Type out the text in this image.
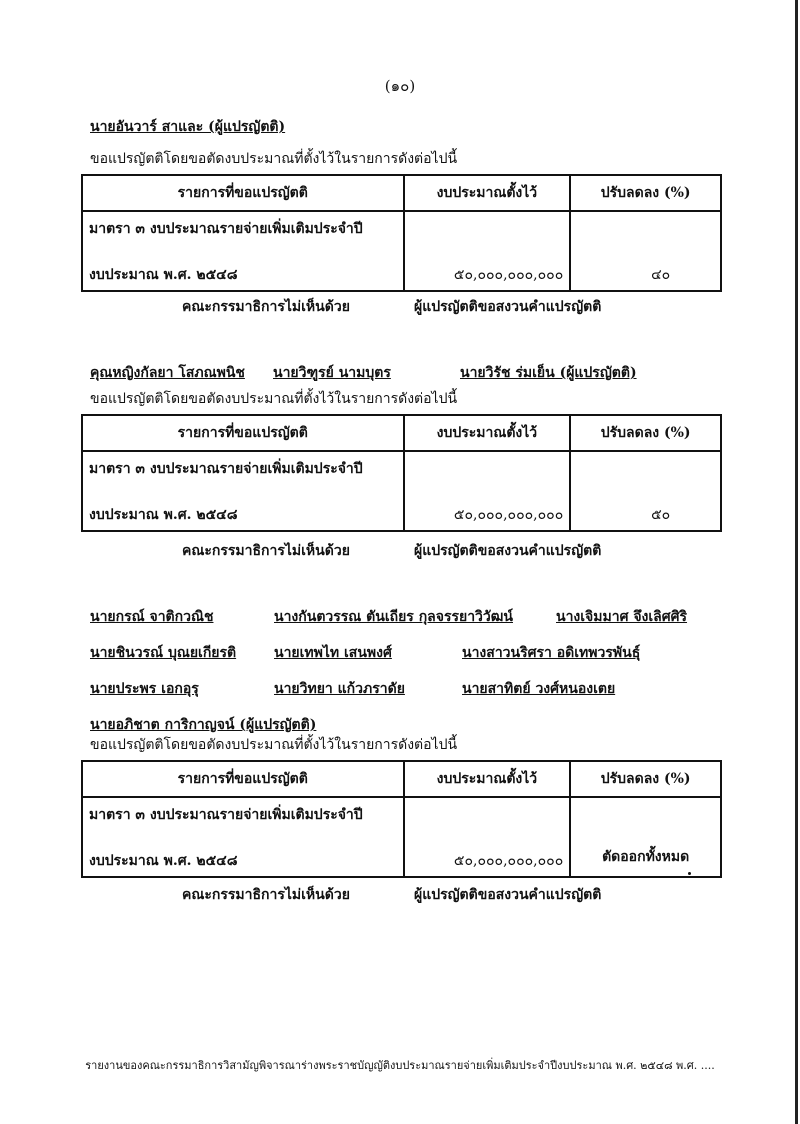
(๑๐)
นายอันวาร์ สาและ (ผู้แปรญัตติ)
ขอแปรญัตติโดยขอตัดงบประมาณที่ตั้งไว้ในรายการดังต่อไปนี้
รายการที่ขอแปรญัตติ	งบประมาณตั้งไว้	ปรับลดลง (%)

มาตรา ๓ งบประมาณรายจ่ายเพิ่มเติมประจำปี
งบประมาณ พ.ศ. ๒๕๔๘	๕๐,๐๐๐,๐๐๐,๐๐๐	๔๐
คณะกรรมาธิการไม่เห็นด้วย	ผู้แปรญัตติขอสงวนคำแปรญัตติ
คุณหญิงกัลยา โสภณพนิช นายวิฑูรย์ นามบุตร	นายวิรัช ร่มเย็น (ผู้แปรญัตติ)
ขอแปรญัตติโดยขอตัดงบประมาณที่ตั้งไว้ในรายการดังต่อไปนี้
รายการที่ขอแปรญัตติ	งบประมาณตั้งไว้	ปรับลดลง (%)

มาตรา ๓ งบประมาณรายจ่ายเพิ่มเติมประจำปี
งบประมาณ พ.ศ. ๒๕๔๘	๕๐,๐๐๐,๐๐๐,๐๐๐	๕๐
คณะกรรมาธิการไม่เห็นด้วย	ผู้แปรญัตติขอสงวนคำแปรญัตติ
นายกรณ์ จาติกวณิช	นางกันตวรรณ ตันเถียร กุลจรรยาวิวัฒน์	นางเจิมมาศ จึงเลิศศิริ
นายชินวรณ์ บุณยเกียรติ	นายเทพไท เสนพงศ์	นางสาวนริศรา อดิเทพวรพันธุ์
นายประพร เอกอุรุ	นายวิทยา แก้วภราดัย	นายสาทิตย์ วงศ์หนองเตย
นายอภิชาต การิกาญจน์ (ผู้แปรญัตติ)
ขอแปรญัตติโดยขอตัดงบประมาณที่ตั้งไว้ในรายการดังต่อไปนี้
รายการที่ขอแปรญัตติ	งบประมาณตั้งไว้	ปรับลดลง (%)

มาตรา ๓ งบประมาณรายจ่ายเพิ่มเติมประจำปี
งบประมาณ พ.ศ. ๒๕๔๘	๕๐,๐๐๐,๐๐๐,๐๐๐	ตัดออกทั้งหมด
คณะกรรมาธิการไม่เห็นด้วย	ผู้แปรญัตติขอสงวนคำแปรญัตติ
รายงานของคณะกรรมาธิการวิสามัญพิจารณาร่างพระราชบัญญัติงบประมาณรายจ่ายเพิ่มเติมประจำปีงบประมาณ พ.ศ. ๒๕๔๘ พ.ศ. ....
